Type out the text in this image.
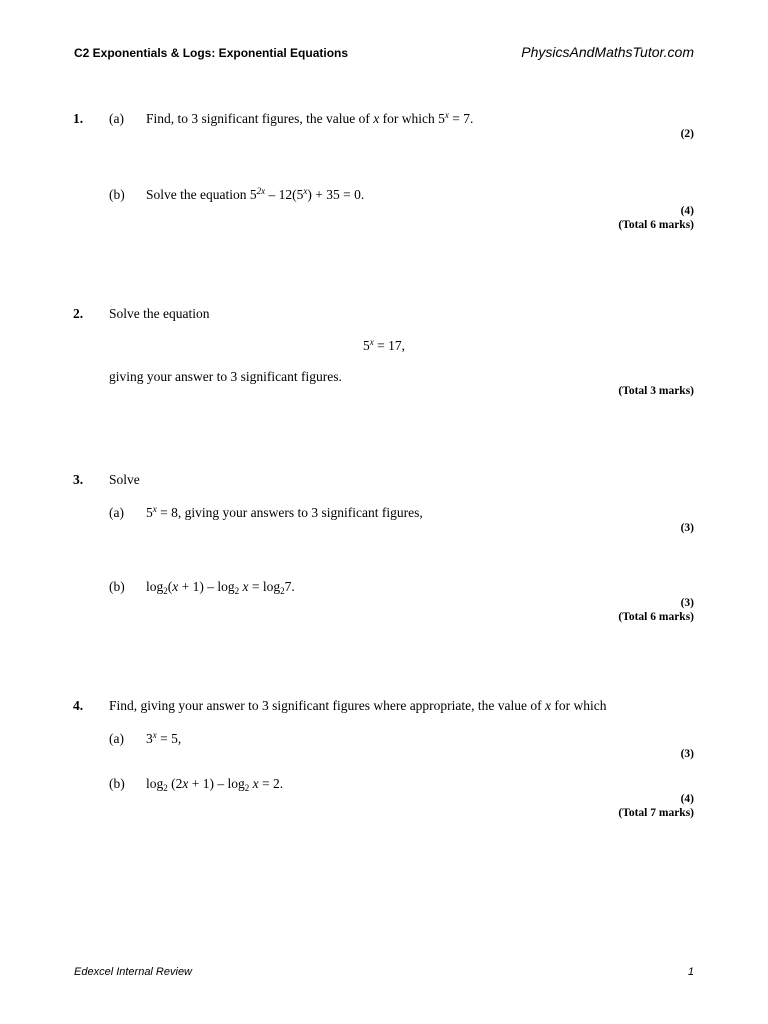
C2 Exponentials & Logs: Exponential Equations	PhysicsAndMathsTutor.com
1. (a) Find, to 3 significant figures, the value of x for which $5^x = 7$.
(2)
(b) Solve the equation $5^{2x} - 12(5^x) + 35 = 0$.
(4)
(Total 6 marks)
2. Solve the equation
$5^x = 17$,
giving your answer to 3 significant figures.
(Total 3 marks)
3. Solve
(a) $5^x = 8$, giving your answers to 3 significant figures,
(3)
(b) $\log_2(x + 1) - \log_2 x = \log_27$.
(3)
(Total 6 marks)
4. Find, giving your answer to 3 significant figures where appropriate, the value of x for which
(a) $3^x = 5$,
(3)
(b) $\log_2 (2x + 1) - \log_2 x = 2$.
(4)
(Total 7 marks)
Edexcel Internal Review	1
